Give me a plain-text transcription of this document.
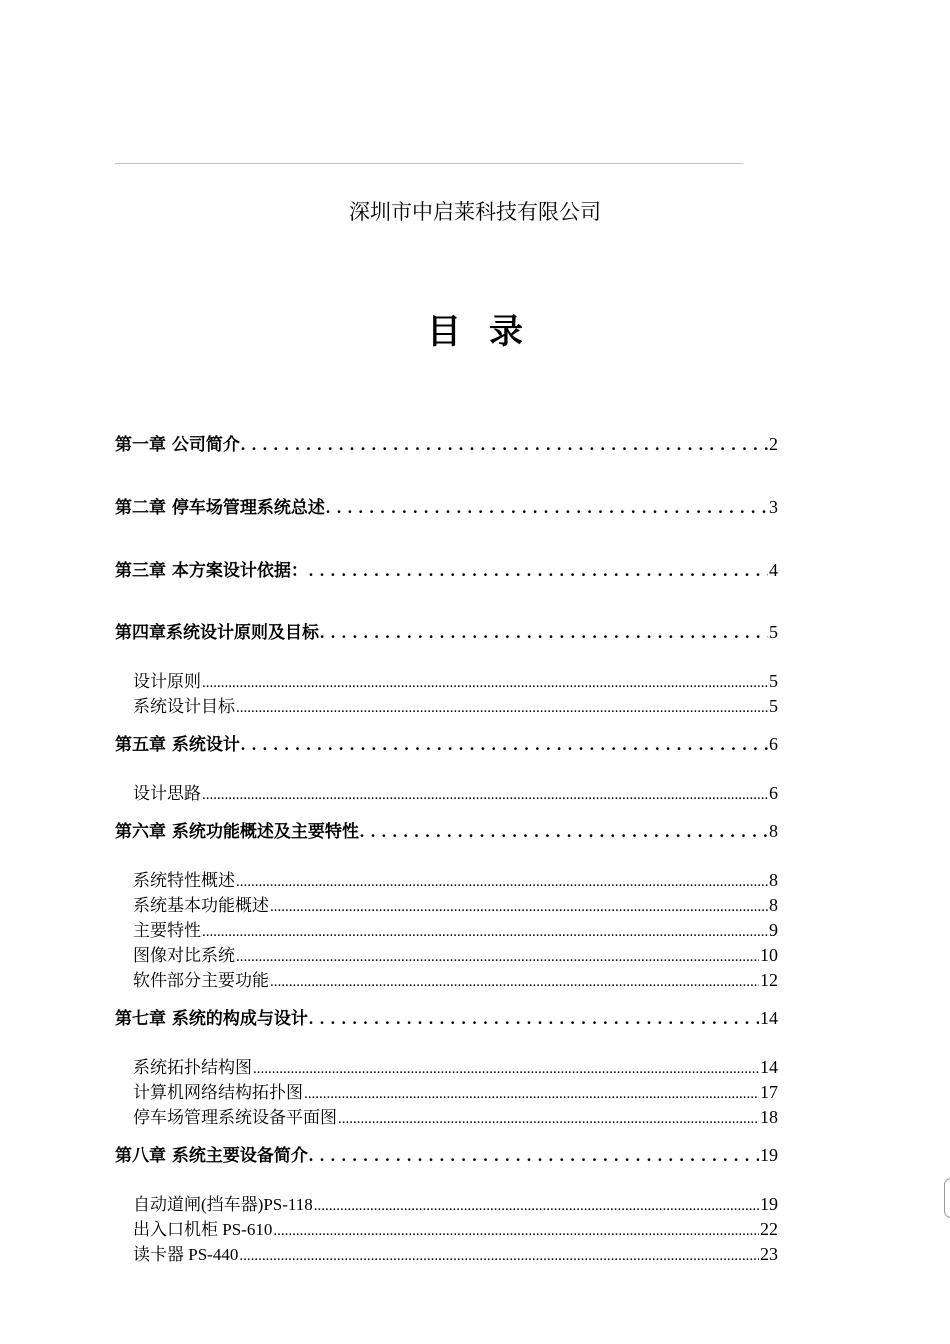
深圳市中启莱科技有限公司
目录
第一章 公司简介 . . .	2
第二章 停车场管理系统总述 . . .	3
第三章 本方案设计依据： . . .	4
第四章系统设计原则及目标 . . .	5
设计原则 .....	5
系统设计目标 .....	5
第五章 系统设计 . . .	6
设计思路 .....	6
第六章 系统功能概述及主要特性 . . .	8
系统特性概述 .....	8
系统基本功能概述 .....	8
主要特性 .....	9
图像对比系统 .....	10
软件部分主要功能 .....	12
第七章 系统的构成与设计 . . .	14
系统拓扑结构图 .....	14
计算机网络结构拓扑图 .....	17
停车场管理系统设备平面图 .....	18
第八章 系统主要设备简介 . . .	19
自动道闸(挡车器)PS-118 .....	19
出入口机柜 PS-610 .....	22
读卡器 PS-440 .....	23
